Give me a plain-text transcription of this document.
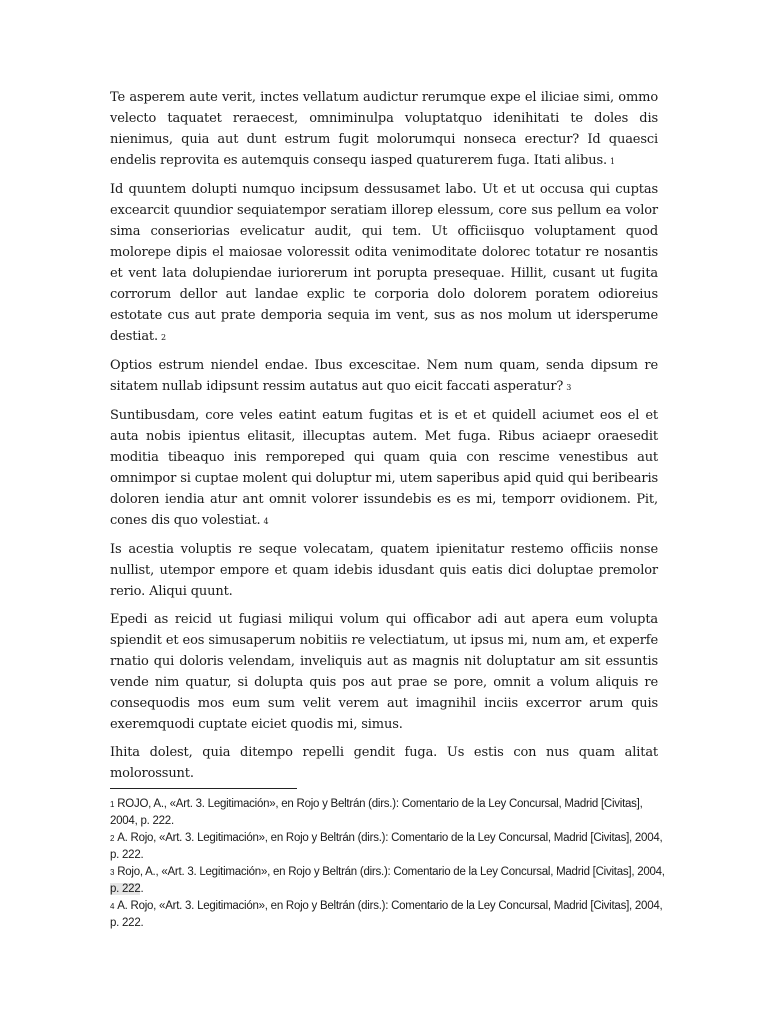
Te asperem aute verit, inctes vellatum audictur rerumque expe el iliciae simi, ommo velecto taquatet reraecest, omniminulpa voluptatquo idenihitati te doles dis nienimus, quia aut dunt estrum fugit molorumqui nonseca erectur? Id quaesci endelis reprovita es autemquis consequ iasped quaturerem fuga. Itati alibus. 1

Id quuntem dolupti numquo incipsum dessusamet labo. Ut et ut occusa qui cuptas excearcit quundior sequiatempor seratiam illorep elessum, core sus pellum ea volor sima conseriorias evelicatur audit, qui tem. Ut officiisquo voluptament quod molorepe dipis el maiosae voloressit odita venimoditate dolorec totatur re nosantis et vent lata dolupiendae iuriorerum int porupta presequae. Hillit, cusant ut fugita corrorum dellor aut landae explic te corporia dolo dolorem poratem odioreius estotate cus aut prate demporia sequia im vent, sus as nos molum ut idersperume destiat. 2

Optios estrum niendel endae. Ibus excescitae. Nem num quam, senda dipsum re sitatem nullab idipsunt ressim autatus aut quo eicit faccati asperatur? 3

Suntibusdam, core veles eatint eatum fugitas et is et et quidell aciumet eos el et auta nobis ipientus elitasit, illecuptas autem. Met fuga. Ribus aciaepr oraesedit moditia tibeaquo inis remporeped qui quam quia con rescime venestibus aut omnimpor si cuptae molent qui doluptur mi, utem saperibus apid quid qui beribearis doloren iendia atur ant omnit volorer issundebis es es mi, temporr ovidionem. Pit, cones dis quo volestiat. 4

Is acestia voluptis re seque volecatam, quatem ipienitatur restemo officiis nonse nullist, utempor empore et quam idebis idusdant quis eatis dici doluptae premolor rerio. Aliqui quunt.

Epedi as reicid ut fugiasi miliqui volum qui officabor adi aut apera eum volupta spiendit et eos simusaperum nobitiis re velectiatum, ut ipsus mi, num am, et experfe rnatio qui doloris velendam, inveliquis aut as magnis nit doluptatur am sit essuntis vende nim quatur, si dolupta quis pos aut prae se pore, omnit a volum aliquis re consequodis mos eum sum velit verem aut imagnihil inciis excerror arum quis exeremquodi cuptate eiciet quodis mi, simus.

Ihita dolest, quia ditempo repelli gendit fuga. Us estis con nus quam alitat molorossunt.

1 ROJO, A., «Art. 3. Legitimación», en Rojo y Beltrán (dirs.): Comentario de la Ley Concursal, Madrid [Civitas], 2004, p. 222.
2 A. Rojo, «Art. 3. Legitimación», en Rojo y Beltrán (dirs.): Comentario de la Ley Concursal, Madrid [Civitas], 2004, p. 222.
3 Rojo, A., «Art. 3. Legitimación», en Rojo y Beltrán (dirs.): Comentario de la Ley Concursal, Madrid [Civitas], 2004, p. 222.
4 A. Rojo, «Art. 3. Legitimación», en Rojo y Beltrán (dirs.): Comentario de la Ley Concursal, Madrid [Civitas], 2004, p. 222.
